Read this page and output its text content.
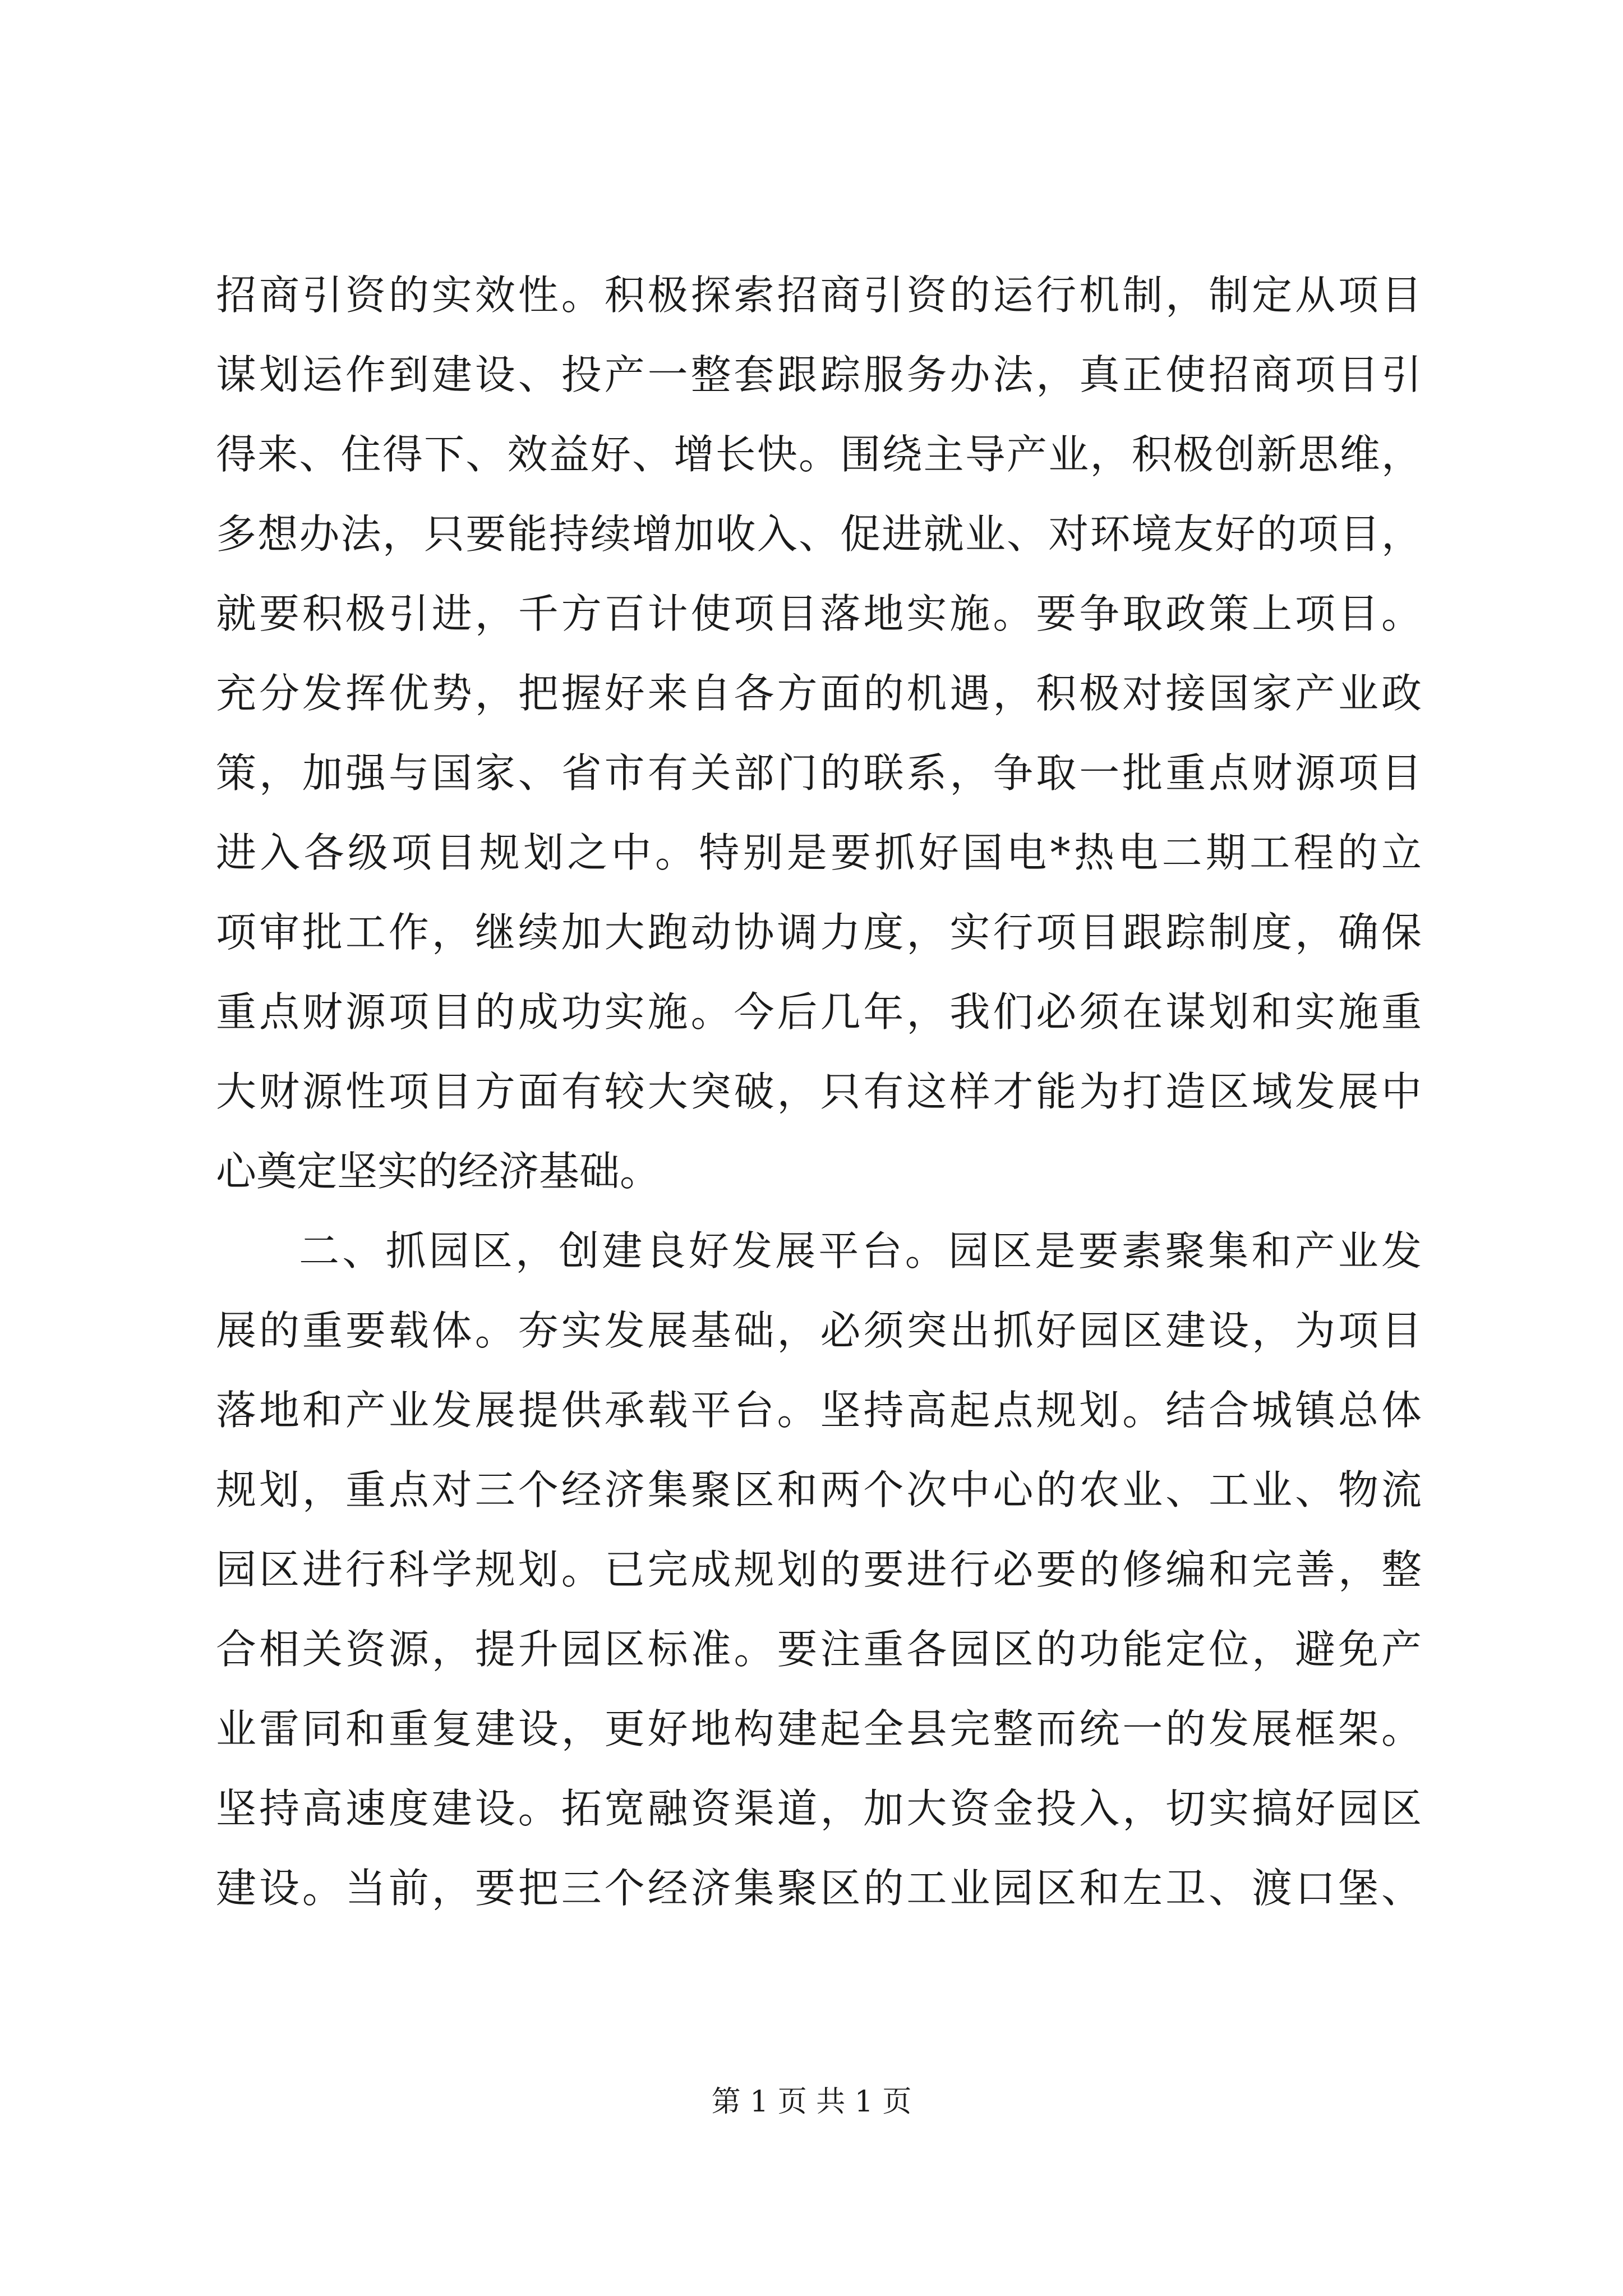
招商引资的实效性。积极探索招商引资的运行机制，制定从项目
谋划运作到建设、投产一整套跟踪服务办法，真正使招商项目引
得来、住得下、效益好、增长快。围绕主导产业，积极创新思维，
多想办法，只要能持续增加收入、促进就业、对环境友好的项目，
就要积极引进，千方百计使项目落地实施。要争取政策上项目。
充分发挥优势，把握好来自各方面的机遇，积极对接国家产业政
策，加强与国家、省市有关部门的联系，争取一批重点财源项目
进入各级项目规划之中。特别是要抓好国电*热电二期工程的立
项审批工作，继续加大跑动协调力度，实行项目跟踪制度，确保
重点财源项目的成功实施。今后几年，我们必须在谋划和实施重
大财源性项目方面有较大突破，只有这样才能为打造区域发展中
心奠定坚实的经济基础。
二、抓园区，创建良好发展平台。园区是要素聚集和产业发
展的重要载体。夯实发展基础，必须突出抓好园区建设，为项目
落地和产业发展提供承载平台。坚持高起点规划。结合城镇总体
规划，重点对三个经济集聚区和两个次中心的农业、工业、物流
园区进行科学规划。已完成规划的要进行必要的修编和完善，整
合相关资源，提升园区标准。要注重各园区的功能定位，避免产
业雷同和重复建设，更好地构建起全县完整而统一的发展框架。
坚持高速度建设。拓宽融资渠道，加大资金投入，切实搞好园区
建设。当前，要把三个经济集聚区的工业园区和左卫、渡口堡、
第 1 页 共 1 页
